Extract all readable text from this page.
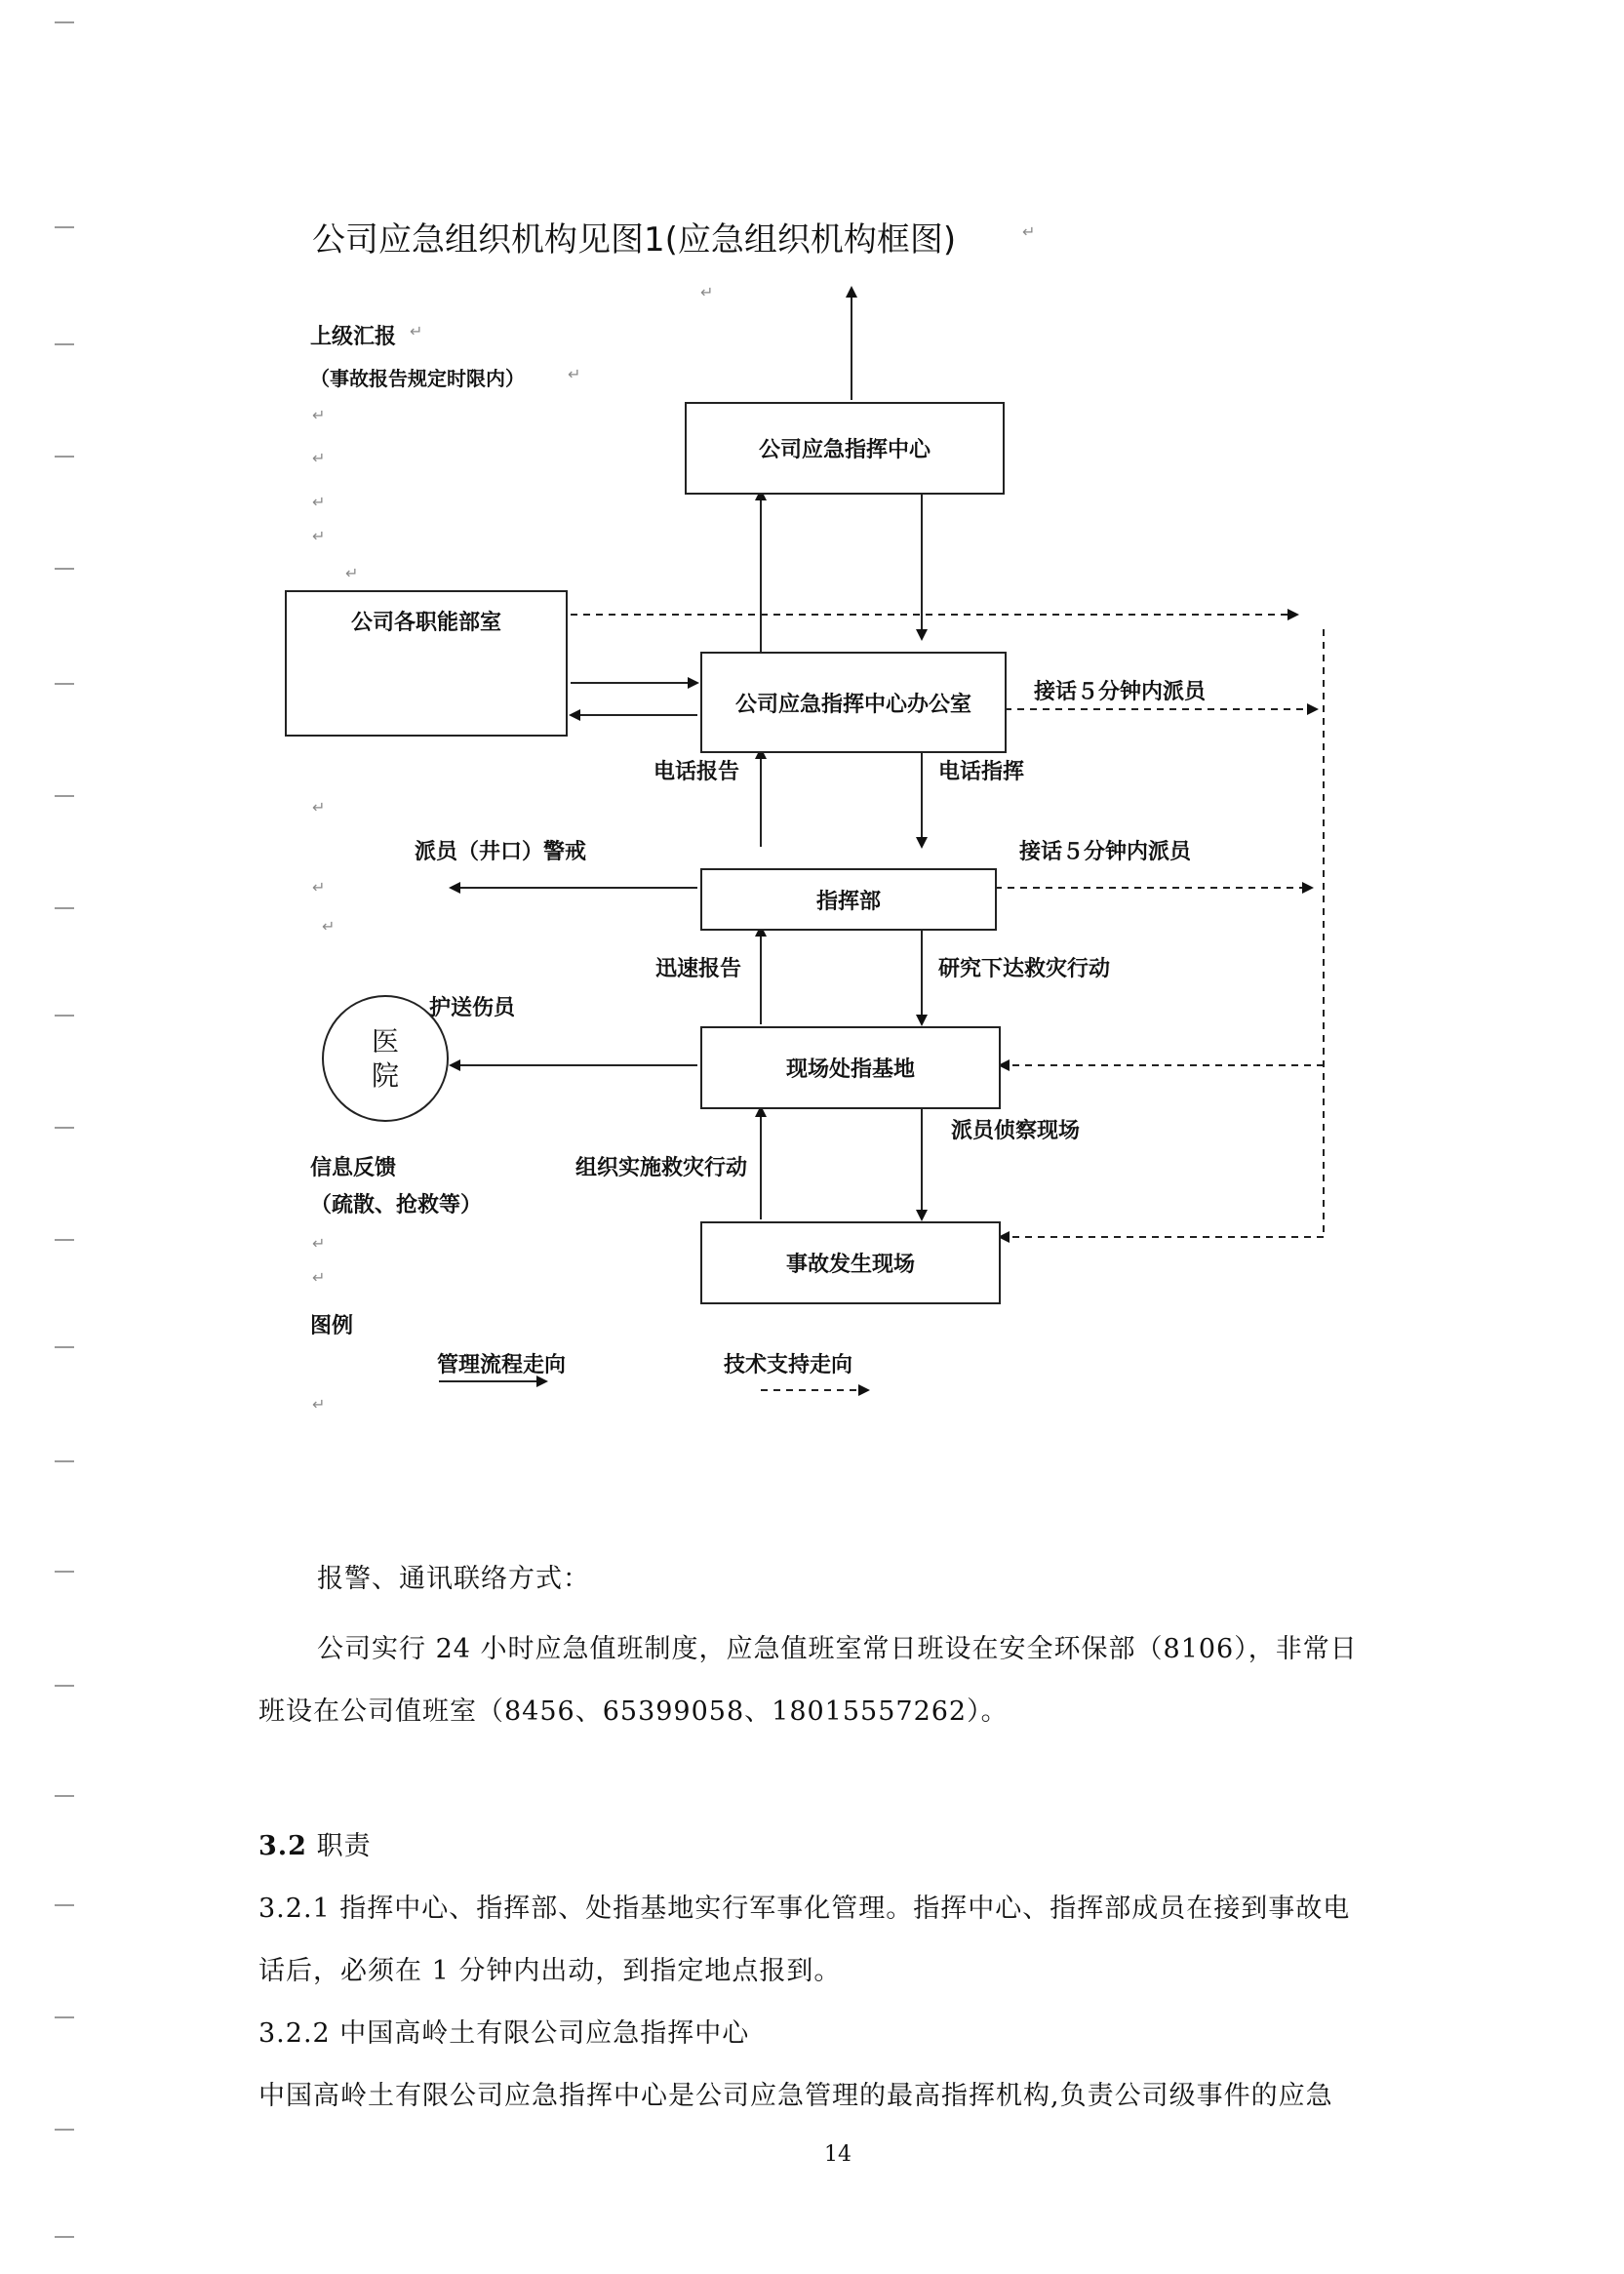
公司应急组织机构见图1(应急组织机构框图)
上级汇报
（事故报告规定时限内）
公司应急指挥中心
公司各职能部室
公司应急指挥中心办公室
指挥部
现场处指基地
事故发生现场
医
院
接话５分钟内派员
电话报告	电话指挥
派员（井口）警戒	接话５分钟内派员
迅速报告	研究下达救灾行动
护送伤员
派员侦察现场
信息反馈
（疏散、抢救等）
组织实施救灾行动
图例
管理流程走向	技术支持走向
↵
↵
↵
↵
↵
↵
↵
↵
↵
↵
↵
↵
↵
↵
↵
报警、通讯联络方式：
公司实行 24 小时应急值班制度，应急值班室常日班设在安全环保部（8106），非常日
班设在公司值班室（8456、65399058、18015557262）。
3.2 职责
3.2.1 指挥中心、指挥部、处指基地实行军事化管理。指挥中心、指挥部成员在接到事故电
话后，必须在 1 分钟内出动，到指定地点报到。
3.2.2 中国高岭土有限公司应急指挥中心
中国高岭土有限公司应急指挥中心是公司应急管理的最高指挥机构,负责公司级事件的应急
14
